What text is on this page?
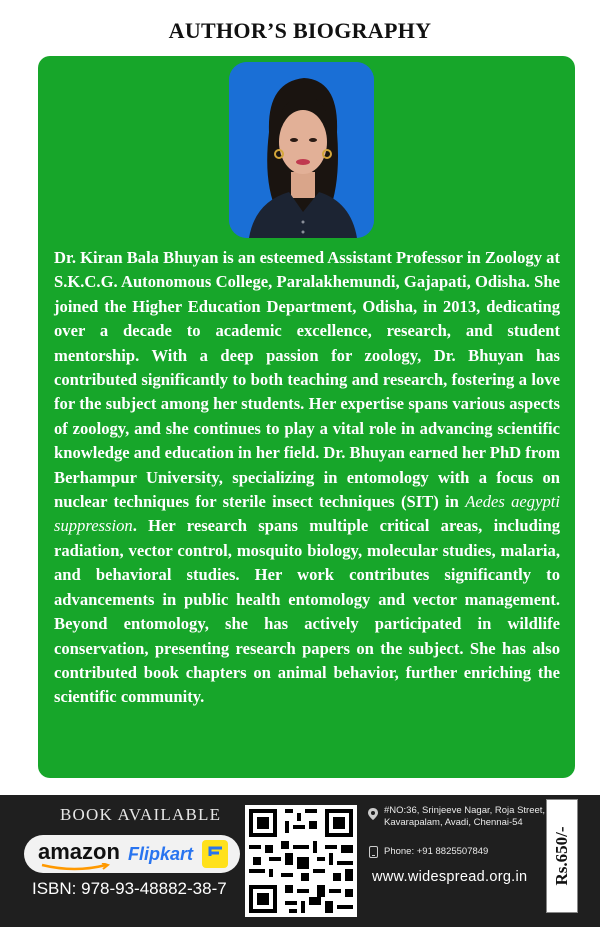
AUTHOR’S BIOGRAPHY

Dr. Kiran Bala Bhuyan is an esteemed Assistant Professor in Zoology at S.K.C.G. Autonomous College, Paralakhemundi, Gajapati, Odisha. She joined the Higher Education Department, Odisha, in 2013, dedicating over a decade to academic excellence, research, and student mentorship. With a deep passion for zoology, Dr. Bhuyan has contributed significantly to both teaching and research, fostering a love for the subject among her students. Her expertise spans various aspects of zoology, and she continues to play a vital role in advancing scientific knowledge and education in her field. Dr. Bhuyan earned her PhD from Berhampur University, specializing in entomology with a focus on nuclear techniques for sterile insect techniques (SIT) in Aedes aegypti suppression. Her research spans multiple critical areas, including radiation, vector control, mosquito biology, molecular studies, malaria, and behavioral studies. Her work contributes significantly to advancements in public health entomology and vector management. Beyond entomology, she has actively participated in wildlife conservation, presenting research papers on the subject. She has also contributed book chapters on animal behavior, further enriching the scientific community.

BOOK AVAILABLE
amazon Flipkart
ISBN: 978-93-48882-38-7
#NO:36, Srinjeeve Nagar, Roja Street,
Kavarapalam, Avadi, Chennai-54
Phone: +91 8825507849
www.widespread.org.in Rs.650/-
